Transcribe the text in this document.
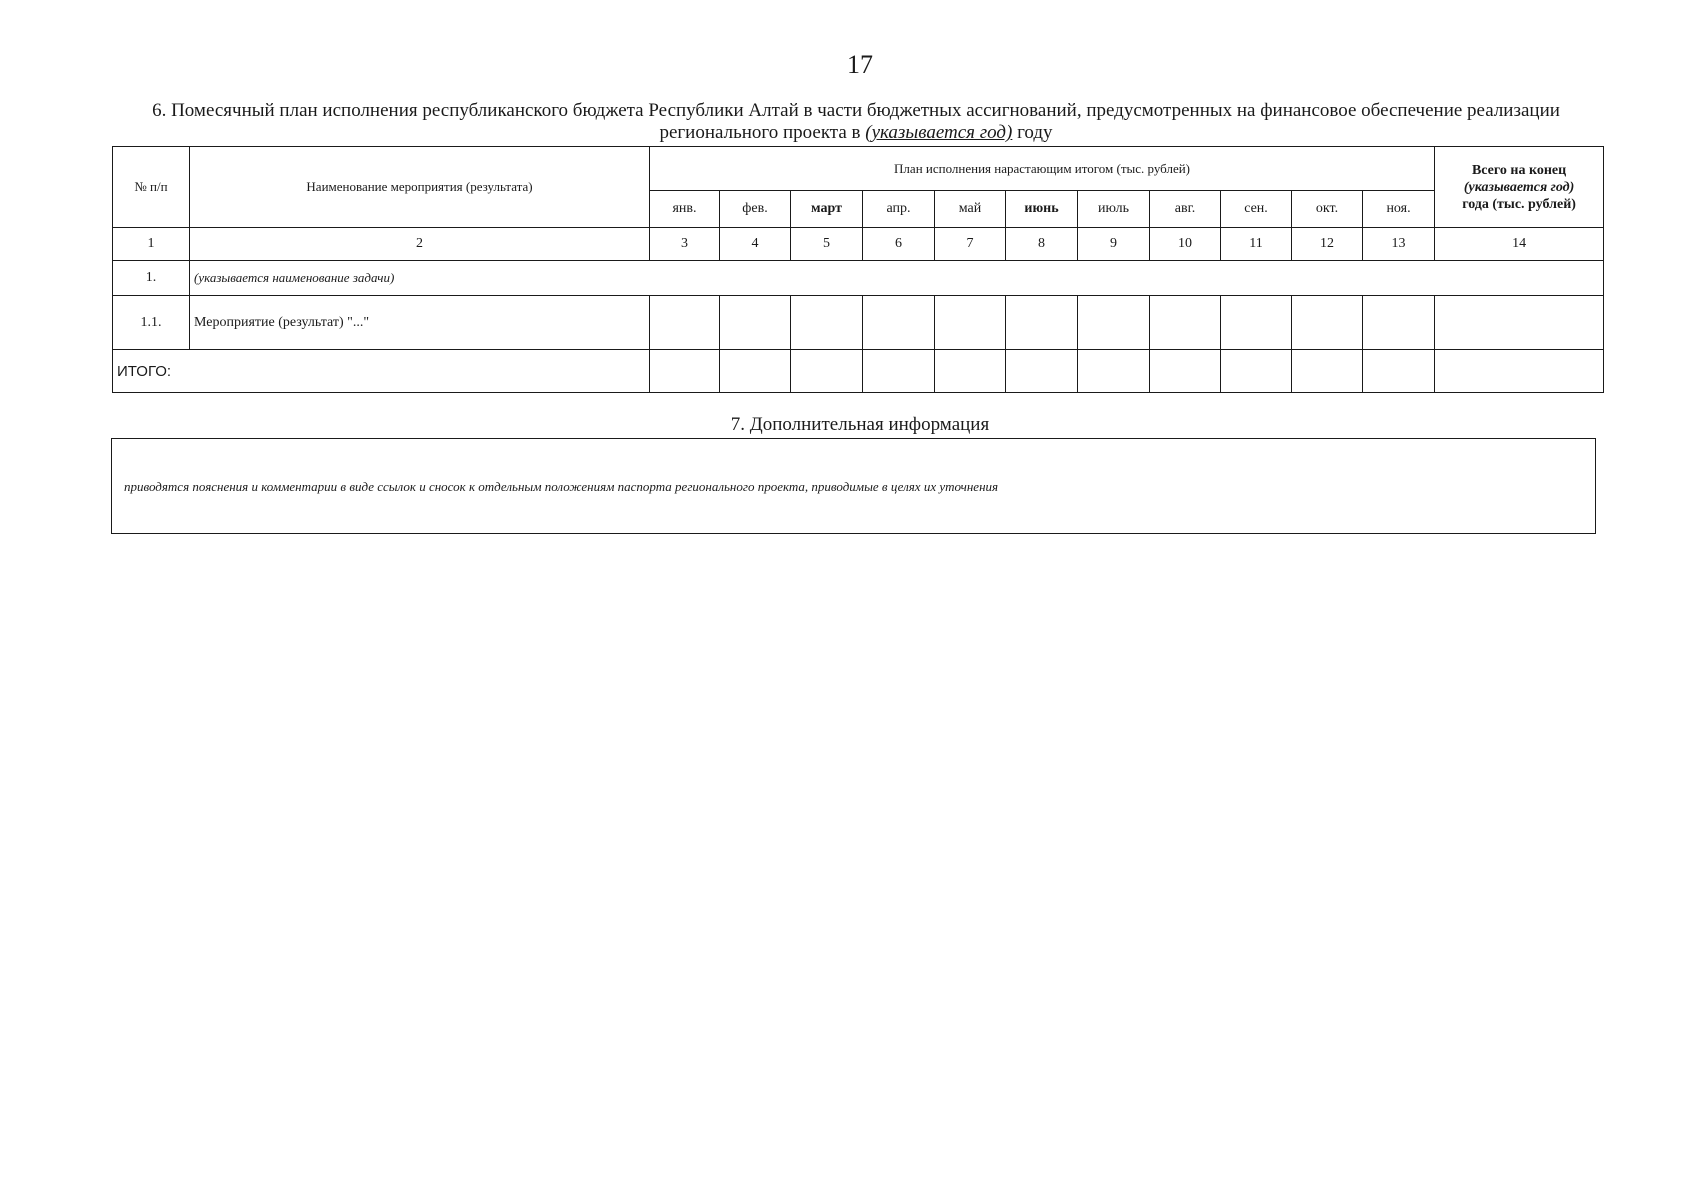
17
6. Помесячный план исполнения республиканского бюджета Республики Алтай в части бюджетных ассигнований, предусмотренных на финансовое обеспечение реализации регионального проекта в (указывается год) году
№ п/п	Наименование мероприятия (результата)	План исполнения нарастающим итогом (тыс. рублей)											Всего на конец
(указывается год)
года (тыс. рублей)

		янв.	фев.	март	апр.	май	июнь	июль	авг.	сен.	окт.	ноя.	
1	2	3	4	5	6	7	8	9	10	11	12	13	14
1.	(указывается наименование задачи)												
1.1.	Мероприятие (результат) "..."												
ИТОГО:													
7. Дополнительная информация
приводятся пояснения и комментарии в виде ссылок и сносок к отдельным положениям паспорта регионального проекта, приводимые в целях их уточнения
